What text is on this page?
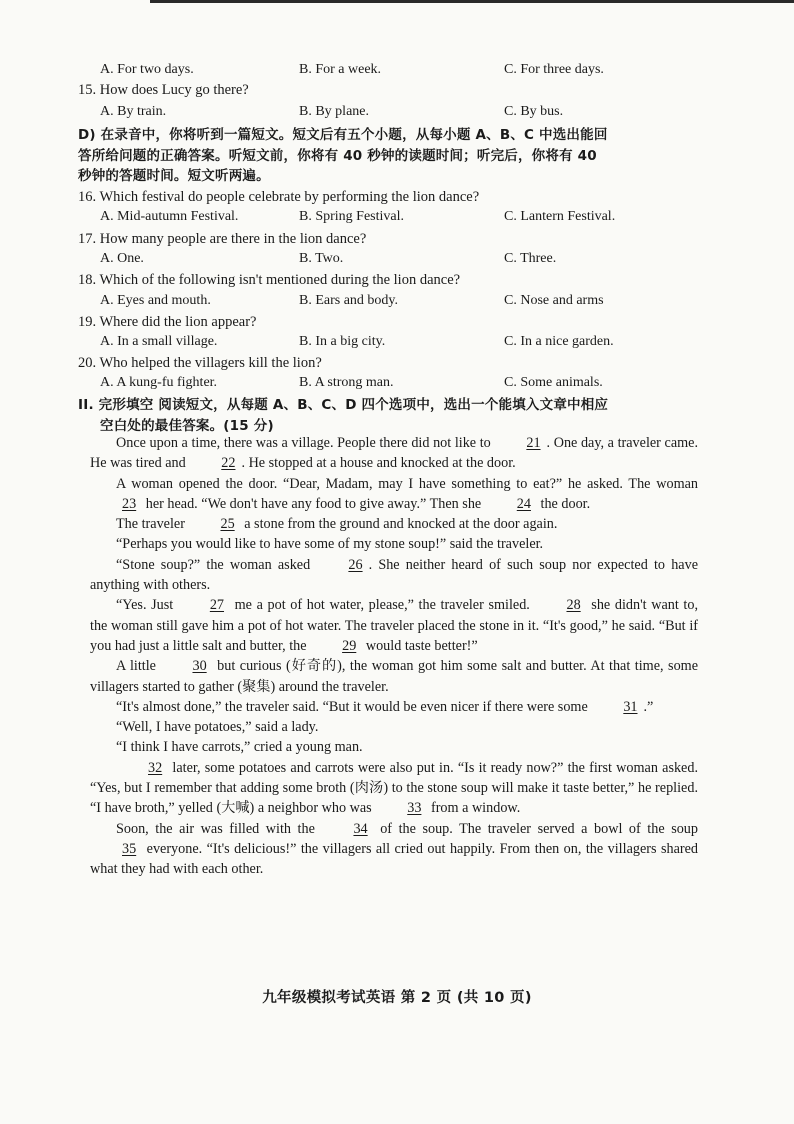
A. For two days.	B. For a week.	C. For three days.
15. How does Lucy go there?
A. By train.	B. By plane.	C. By bus.
D) 在录音中，你将听到一篇短文。短文后有五个小题，从每小题 A、B、C 中选出能回
答所给问题的正确答案。听短文前，你将有 40 秒钟的读题时间；听完后，你将有 40
秒钟的答题时间。短文听两遍。
16. Which festival do people celebrate by performing the lion dance?
A. Mid-autumn Festival.	B. Spring Festival.	C. Lantern Festival.
17. How many people are there in the lion dance?
A. One.	B. Two.	C. Three.
18. Which of the following isn't mentioned during the lion dance?
A. Eyes and mouth.	B. Ears and body.	C. Nose and arms
19. Where did the lion appear?
A. In a small village.	B. In a big city.	C. In a nice garden.
20. Who helped the villagers kill the lion?
A. A kung-fu fighter.	B. A strong man.	C. Some animals.
II. 完形填空 阅读短文，从每题 A、B、C、D 四个选项中，选出一个能填入文章中相应
空白处的最佳答案。(15 分)

Once upon a time, there was a village. People there did not like to 21 . One day, a traveler came. He was tired and 22 . He stopped at a house and knocked at the door.

A woman opened the door. “Dear, Madam, may I have something to eat?” he asked. The woman 23 her head. “We don't have any food to give away.” Then she 24 the door.

The traveler 25 a stone from the ground and knocked at the door again.

“Perhaps you would like to have some of my stone soup!” said the traveler.

“Stone soup?” the woman asked 26 . She neither heard of such soup nor expected to have anything with others.

“Yes. Just 27 me a pot of hot water, please,” the traveler smiled. 28 she didn't want to, the woman still gave him a pot of hot water. The traveler placed the stone in it. “It's good,” he said. “But if you had just a little salt and butter, the 29 would taste better!”

A little 30 but curious (好奇的), the woman got him some salt and butter. At that time, some villagers started to gather (聚集) around the traveler.

“It's almost done,” the traveler said. “But it would be even nicer if there were some 31 .”

“Well, I have potatoes,” said a lady.

“I think I have carrots,” cried a young man.

32 later, some potatoes and carrots were also put in. “Is it ready now?” the first woman asked. “Yes, but I remember that adding some broth (肉汤) to the stone soup will make it taste better,” he replied. “I have broth,” yelled (大喊) a neighbor who was 33 from a window.

Soon, the air was filled with the 34 of the soup. The traveler served a bowl of the soup 35 everyone. “It's delicious!” the villagers all cried out happily. From then on, the villagers shared what they had with each other.

九年级模拟考试英语 第 2 页 (共 10 页)
